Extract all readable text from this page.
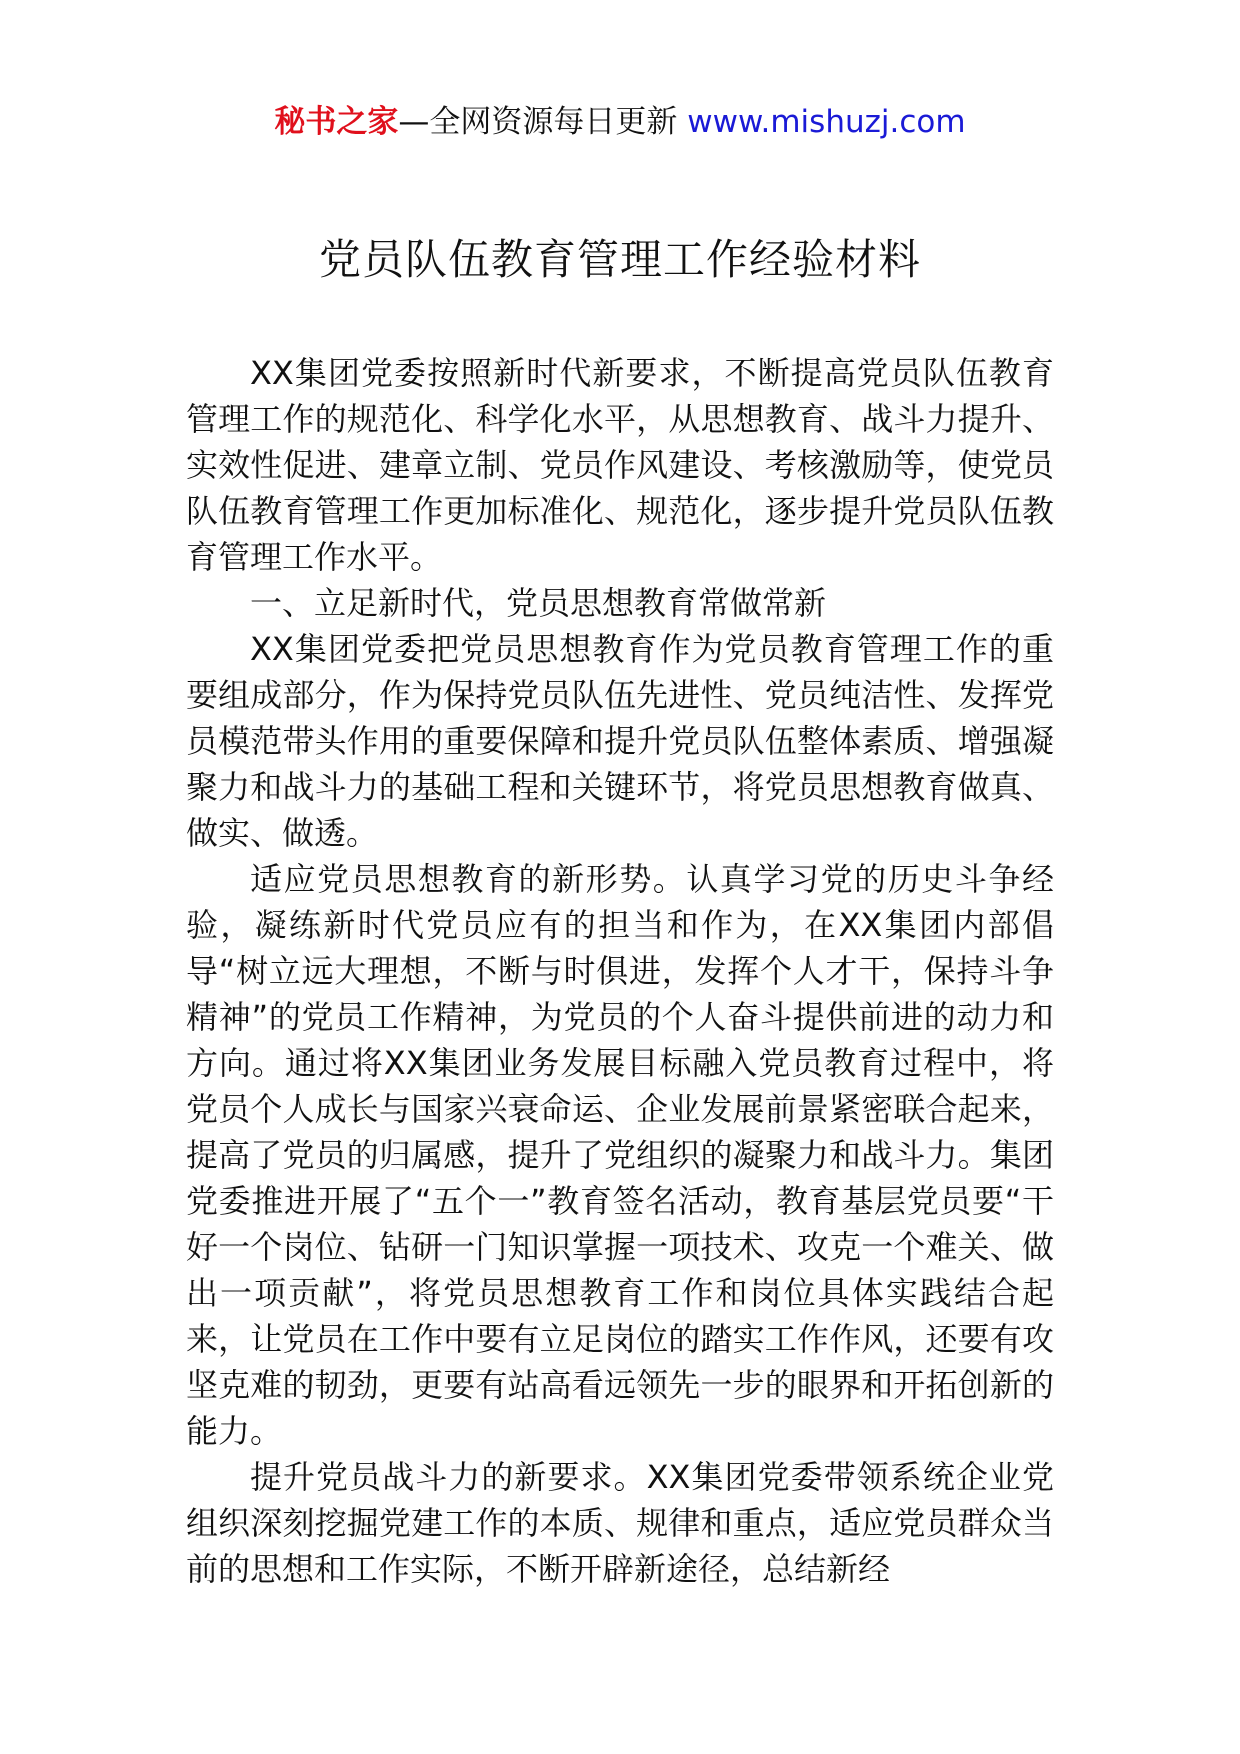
秘书之家—全网资源每日更新 www.mishuzj.com
党员队伍教育管理工作经验材料

XX集团党委按照新时代新要求，不断提高党员队伍教育管理工作的规范化、科学化水平，从思想教育、战斗力提升、实效性促进、建章立制、党员作风建设、考核激励等，使党员队伍教育管理工作更加标准化、规范化，逐步提升党员队伍教育管理工作水平。

一、立足新时代，党员思想教育常做常新

XX集团党委把党员思想教育作为党员教育管理工作的重要组成部分，作为保持党员队伍先进性、党员纯洁性、发挥党员模范带头作用的重要保障和提升党员队伍整体素质、增强凝聚力和战斗力的基础工程和关键环节，将党员思想教育做真、做实、做透。

适应党员思想教育的新形势。认真学习党的历史斗争经验，凝练新时代党员应有的担当和作为，在XX集团内部倡导“树立远大理想，不断与时俱进，发挥个人才干，保持斗争精神”的党员工作精神，为党员的个人奋斗提供前进的动力和方向。通过将XX集团业务发展目标融入党员教育过程中，将党员个人成长与国家兴衰命运、企业发展前景紧密联合起来，提高了党员的归属感，提升了党组织的凝聚力和战斗力。集团党委推进开展了“五个一”教育签名活动，教育基层党员要“干好一个岗位、钻研一门知识掌握一项技术、攻克一个难关、做出一项贡献”，将党员思想教育工作和岗位具体实践结合起来，让党员在工作中要有立足岗位的踏实工作作风，还要有攻坚克难的韧劲，更要有站高看远领先一步的眼界和开拓创新的能力。

提升党员战斗力的新要求。XX集团党委带领系统企业党组织深刻挖掘党建工作的本质、规律和重点，适应党员群众当前的思想和工作实际，不断开辟新途径，总结新经
